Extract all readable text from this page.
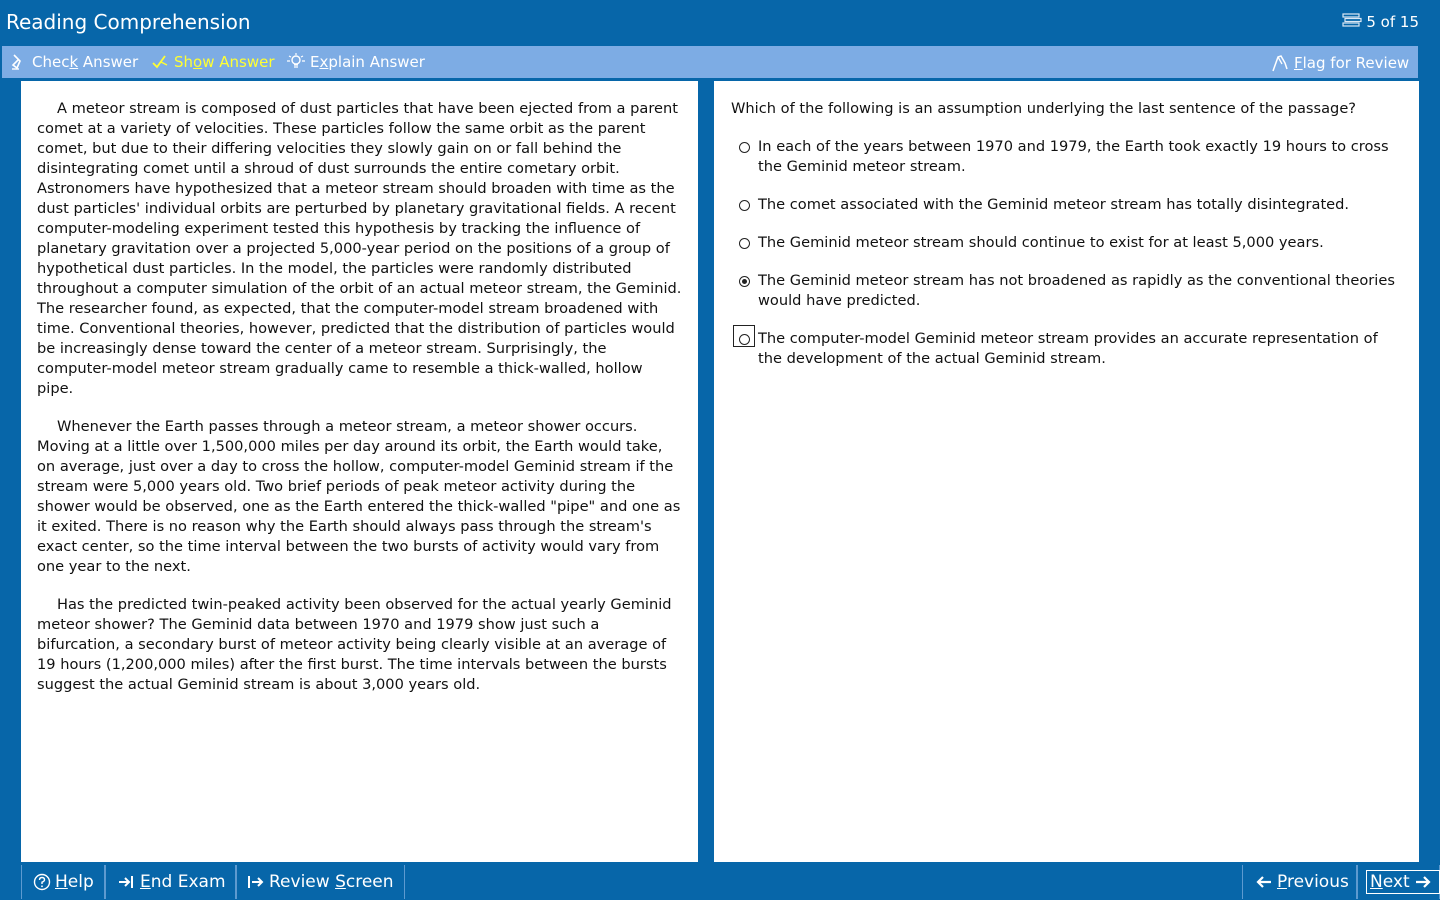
Reading Comprehension	5 of 15
Check Answer Show Answer Explain Answer	Flag for Review

A meteor stream is composed of dust particles that have been ejected from a parent comet at a variety of velocities. These particles follow the same orbit as the parent comet, but due to their differing velocities they slowly gain on or fall behind the disintegrating comet until a shroud of dust surrounds the entire cometary orbit. Astronomers have hypothesized that a meteor stream should broaden with time as the dust particles' individual orbits are perturbed by planetary gravitational fields. A recent computer-modeling experiment tested this hypothesis by tracking the influence of planetary gravitation over a projected 5,000-year period on the positions of a group of hypothetical dust particles. In the model, the particles were randomly distributed throughout a computer simulation of the orbit of an actual meteor stream, the Geminid. The researcher found, as expected, that the computer-model stream broadened with time. Conventional theories, however, predicted that the distribution of particles would be increasingly dense toward the center of a meteor stream. Surprisingly, the computer-model meteor stream gradually came to resemble a thick-walled, hollow pipe.

Whenever the Earth passes through a meteor stream, a meteor shower occurs. Moving at a little over 1,500,000 miles per day around its orbit, the Earth would take, on average, just over a day to cross the hollow, computer-model Geminid stream if the stream were 5,000 years old. Two brief periods of peak meteor activity during the shower would be observed, one as the Earth entered the thick-walled "pipe" and one as it exited. There is no reason why the Earth should always pass through the stream's exact center, so the time interval between the two bursts of activity would vary from one year to the next.

Has the predicted twin-peaked activity been observed for the actual yearly Geminid meteor shower? The Geminid data between 1970 and 1979 show just such a bifurcation, a secondary burst of meteor activity being clearly visible at an average of 19 hours (1,200,000 miles) after the first burst. The time intervals between the bursts suggest the actual Geminid stream is about 3,000 years old.

Which of the following is an assumption underlying the last sentence of the passage?
In each of the years between 1970 and 1979, the Earth took exactly 19 hours to cross the Geminid meteor stream.
The comet associated with the Geminid meteor stream has totally disintegrated.
The Geminid meteor stream should continue to exist for at least 5,000 years.
The Geminid meteor stream has not broadened as rapidly as the conventional theories would have predicted.
The computer-model Geminid meteor stream provides an accurate representation of the development of the actual Geminid stream.
Help	End Exam	Review Screen	Previous Next
